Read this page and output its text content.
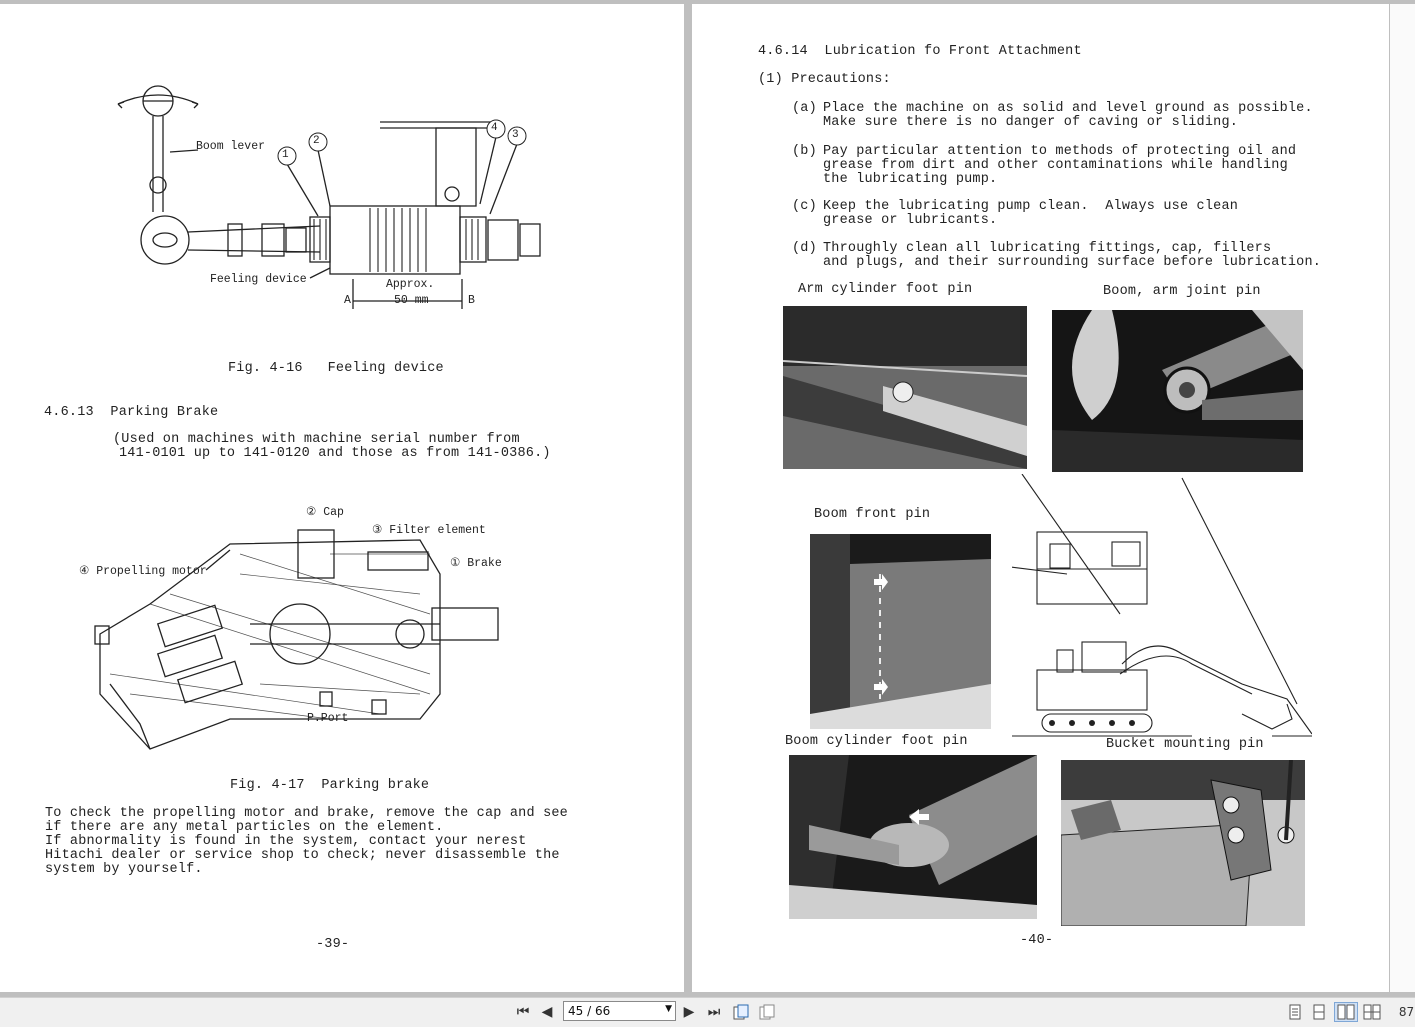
1
2
4
3
Boom lever
Feeling device	Approx.
50 mm
A	B
Fig. 4-16   Feeling device
4.6.13  Parking Brake
(Used on machines with machine serial number from
141-0101 up to 141-0120 and those as from 141-0386.)
② Cap
③ Filter element
① Brake
④ Propelling motor
P.Port
Fig. 4-17  Parking brake
To check the propelling motor and brake, remove the cap and see
if there are any metal particles on the element.
If abnormality is found in the system, contact your nerest
Hitachi dealer or service shop to check; never disassemble the
system by yourself.
-39-
4.6.14  Lubrication fo Front Attachment
(1) Precautions:
(a) Place the machine on as solid and level ground as possible.
Make sure there is no danger of caving or sliding.
(b) Pay particular attention to methods of protecting oil and
grease from dirt and other contaminations while handling
the lubricating pump.
(c) Keep the lubricating pump clean.  Always use clean
grease or lubricants.
(d) Throughly clean all lubricating fittings, cap, fillers
and plugs, and their surrounding surface before lubrication.
Arm cylinder foot pin	Boom, arm joint pin
Boom front pin
Boom cylinder foot pin	Bucket mounting pin
-40-
⏮ ◀	45 / 66	▼ ▶ ⏭	87
